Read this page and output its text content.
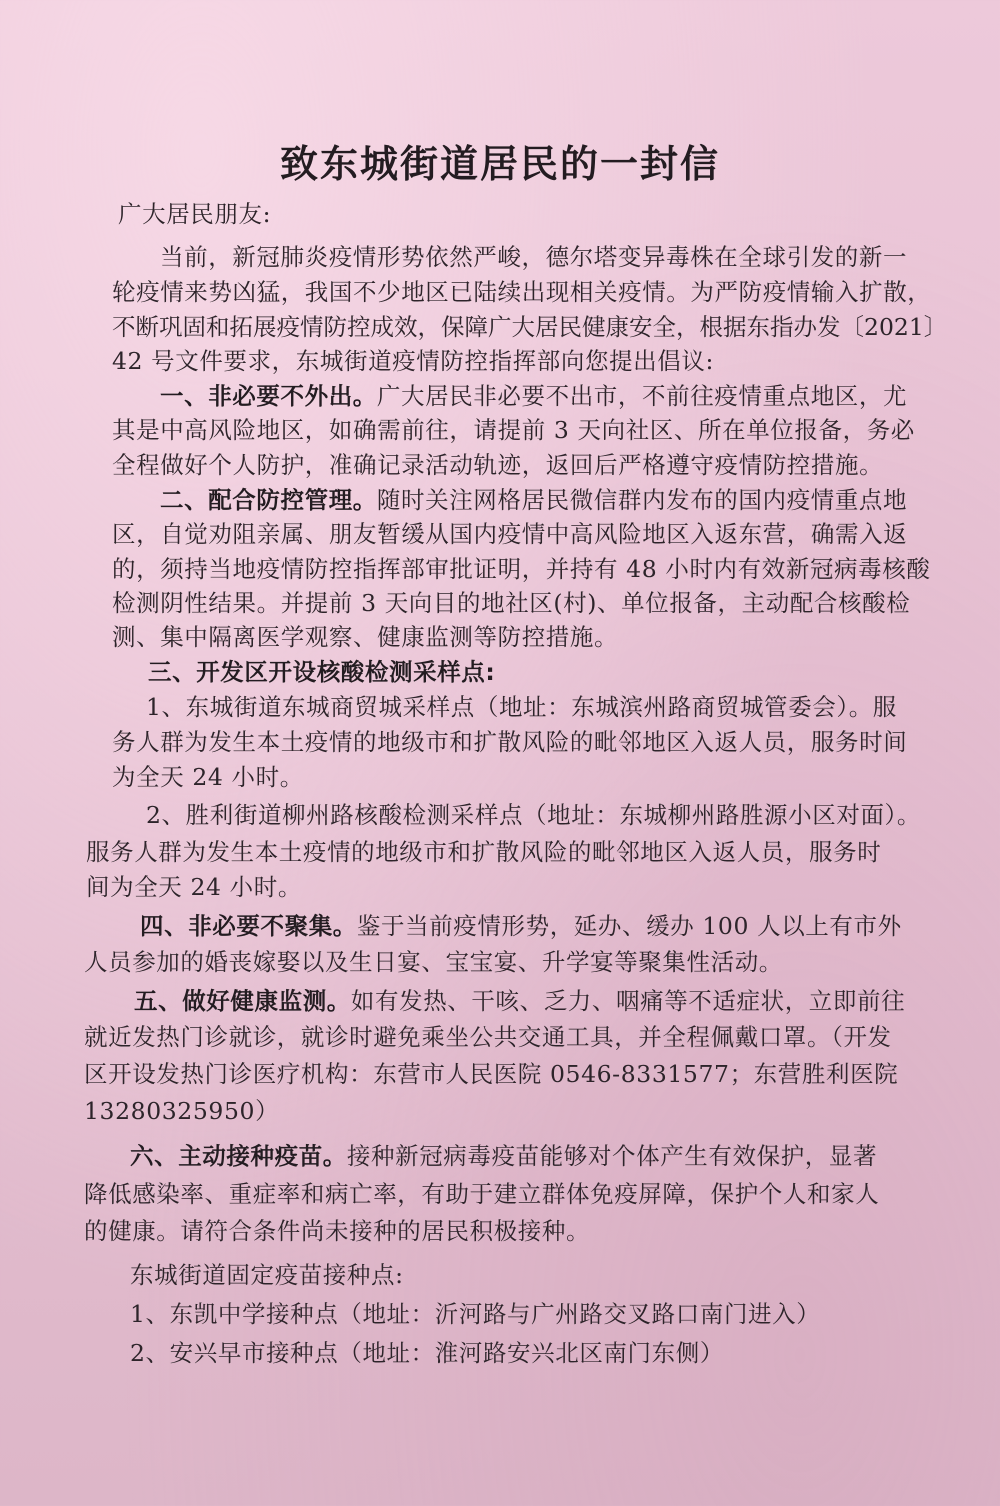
致东城街道居民的一封信
广大居民朋友:
当前，新冠肺炎疫情形势依然严峻，德尔塔变异毒株在全球引发的新一
轮疫情来势凶猛，我国不少地区已陆续出现相关疫情。为严防疫情输入扩散，
不断巩固和拓展疫情防控成效，保障广大居民健康安全，根据东指办发〔2021〕
42 号文件要求，东城街道疫情防控指挥部向您提出倡议:
一、非必要不外出。广大居民非必要不出市，不前往疫情重点地区，尤
其是中高风险地区，如确需前往，请提前 3 天向社区、所在单位报备，务必
全程做好个人防护，准确记录活动轨迹，返回后严格遵守疫情防控措施。
二、配合防控管理。随时关注网格居民微信群内发布的国内疫情重点地
区，自觉劝阻亲属、朋友暂缓从国内疫情中高风险地区入返东营，确需入返
的，须持当地疫情防控指挥部审批证明，并持有 48 小时内有效新冠病毒核酸
检测阴性结果。并提前 3 天向目的地社区(村)、单位报备，主动配合核酸检
测、集中隔离医学观察、健康监测等防控措施。
三、开发区开设核酸检测采样点:
1、东城街道东城商贸城采样点（地址：东城滨州路商贸城管委会）。服
务人群为发生本土疫情的地级市和扩散风险的毗邻地区入返人员，服务时间
为全天 24 小时。
2、胜利街道柳州路核酸检测采样点（地址：东城柳州路胜源小区对面）。
服务人群为发生本土疫情的地级市和扩散风险的毗邻地区入返人员，服务时
间为全天 24 小时。
四、非必要不聚集。鉴于当前疫情形势，延办、缓办 100 人以上有市外
人员参加的婚丧嫁娶以及生日宴、宝宝宴、升学宴等聚集性活动。
五、做好健康监测。如有发热、干咳、乏力、咽痛等不适症状，立即前往
就近发热门诊就诊，就诊时避免乘坐公共交通工具，并全程佩戴口罩。（开发
区开设发热门诊医疗机构：东营市人民医院 0546-8331577；东营胜利医院
13280325950）
六、主动接种疫苗。接种新冠病毒疫苗能够对个体产生有效保护，显著
降低感染率、重症率和病亡率，有助于建立群体免疫屏障，保护个人和家人
的健康。请符合条件尚未接种的居民积极接种。
东城街道固定疫苗接种点:
1、东凯中学接种点（地址：沂河路与广州路交叉路口南门进入）
2、安兴早市接种点（地址：淮河路安兴北区南门东侧）
